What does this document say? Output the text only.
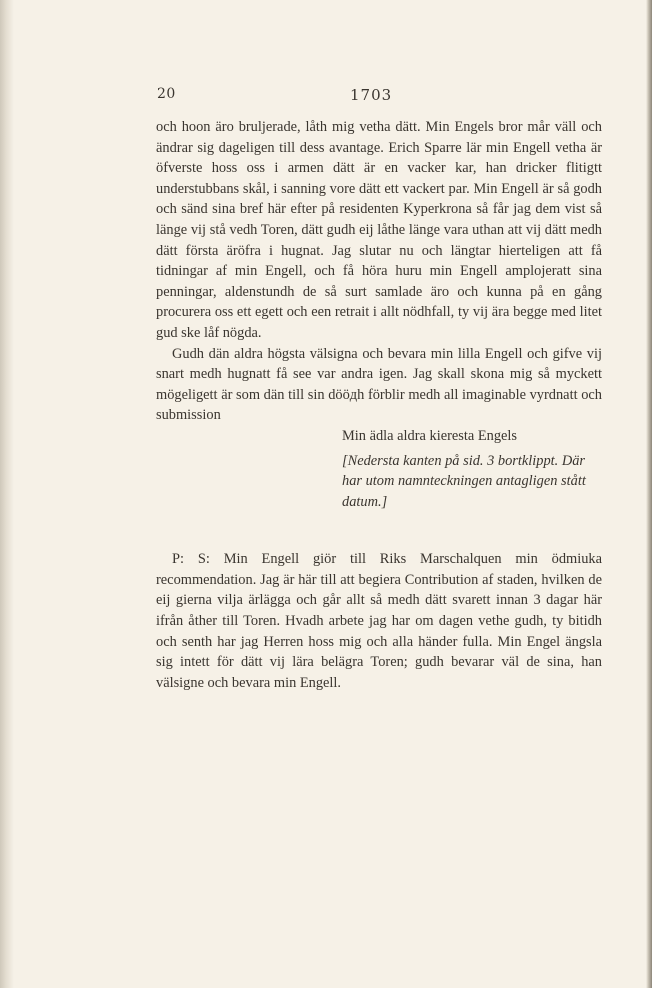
20	1703

och hoon äro bruljerade, låth mig vetha dätt. Min Engels bror mår väll och ändrar sig dageligen till dess avantage. Erich Sparre lär min Engell vetha är öfverste hoss oss i armen dätt är en vacker kar, han dricker flitigtt understubbans skål, i sanning vore dätt ett vackert par. Min Engell är så godh och sänd sina bref här efter på residenten Kyperkrona så får jag dem vist så länge vij stå vedh Toren, dätt gudh eij låthe länge vara uthan att vij dätt medh dätt första äröfra i hugnat. Jag slutar nu och längtar hierteligen att få tidningar af min Engell, och få höra huru min Engell amplojeratt sina penningar, aldenstundh de så surt samlade äro och kunna på en gång procurera oss ett egett och een retrait i allt nödhfall, ty vij ära begge med litet gud ske låf nögda.

Gudh dän aldra högsta välsigna och bevara min lilla Engell och gifve vij snart medh hugnatt få see var andra igen. Jag skall skona mig så myckett mögeligett är som dän till sin dööдh förblir medh all imaginable vyrdnatt och submission

Min ädla aldra kieresta Engels

[Nedersta kanten på sid. 3 bortklippt. Där har utom namnteckningen antagligen stått datum.]

P: S: Min Engell giör till Riks Marschalquen min ödmiuka recommendation. Jag är här till att begiera Contribution af staden, hvilken de eij gierna vilja ärlägga och går allt så medh dätt svarett innan 3 dagar här ifrån åther till Toren. Hvadh arbete jag har om dagen vethe gudh, ty bitidh och senth har jag Herren hoss mig och alla händer fulla. Min Engel ängsla sig intett för dätt vij lära belägra Toren; gudh bevarar väl de sina, han välsigne och bevara min Engell.
